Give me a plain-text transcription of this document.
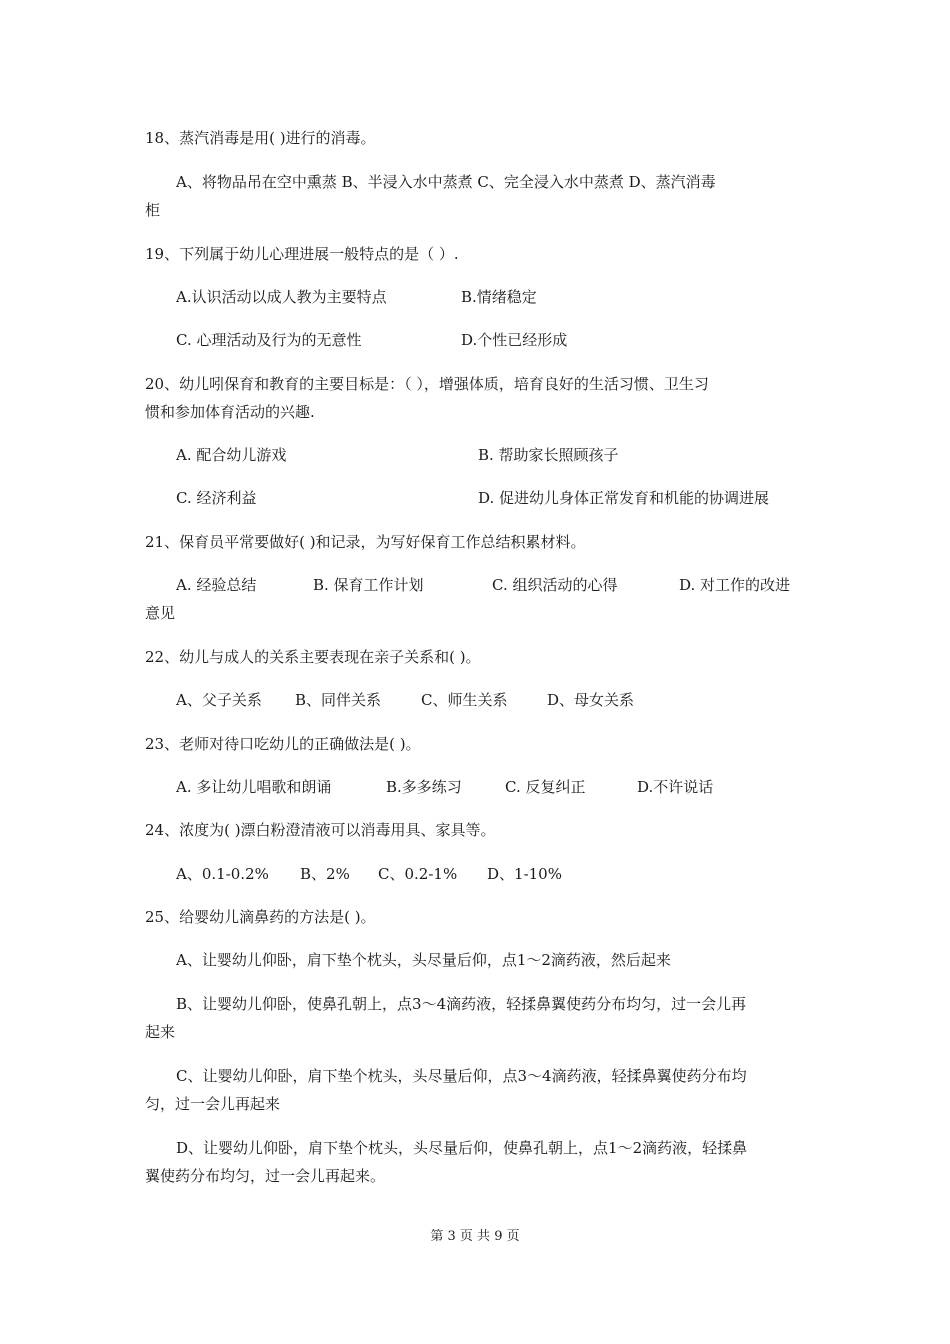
18、蒸汽消毒是用( )进行的消毒。
A、将物品吊在空中熏蒸 B、半浸入水中蒸煮 C、完全浸入水中蒸煮 D、蒸汽消毒
柜
19、下列属于幼儿心理进展一般特点的是（ ）.
A.认识活动以成人教为主要特点	B.情绪稳定
C. 心理活动及行为的无意性	D.个性已经形成
20、幼儿吲保育和教育的主要目标是：（ ），增强体质，培育良好的生活习惯、卫生习
惯和参加体育活动的兴趣.
A. 配合幼儿游戏	B. 帮助家长照顾孩子
C. 经济利益	D. 促进幼儿身体正常发育和机能的协调进展
21、保育员平常要做好( )和记录，为写好保育工作总结积累材料。
A. 经验总结	B. 保育工作计划	C. 组织活动的心得	D. 对工作的改进
意见
22、幼儿与成人的关系主要表现在亲子关系和( )。
A、父子关系 B、同伴关系	C、师生关系	D、母女关系
23、老师对待口吃幼儿的正确做法是( )。
A. 多让幼儿唱歌和朗诵	B.多多练习	C. 反复纠正	D.不许说话
24、浓度为( )漂白粉澄清液可以消毒用具、家具等。
A、0.1-0.2% B、2% C、0.2-1% D、1-10%
25、给婴幼儿滴鼻药的方法是( )。
A、让婴幼儿仰卧，肩下垫个枕头，头尽量后仰，点1～2滴药液，然后起来
B、让婴幼儿仰卧，使鼻孔朝上，点3～4滴药液，轻揉鼻翼使药分布均匀，过一会儿再
起来
C、让婴幼儿仰卧，肩下垫个枕头，头尽量后仰，点3～4滴药液，轻揉鼻翼使药分布均
匀，过一会儿再起来
D、让婴幼儿仰卧，肩下垫个枕头，头尽量后仰，使鼻孔朝上，点1～2滴药液，轻揉鼻
翼使药分布均匀，过一会儿再起来。
第 3 页 共 9 页
